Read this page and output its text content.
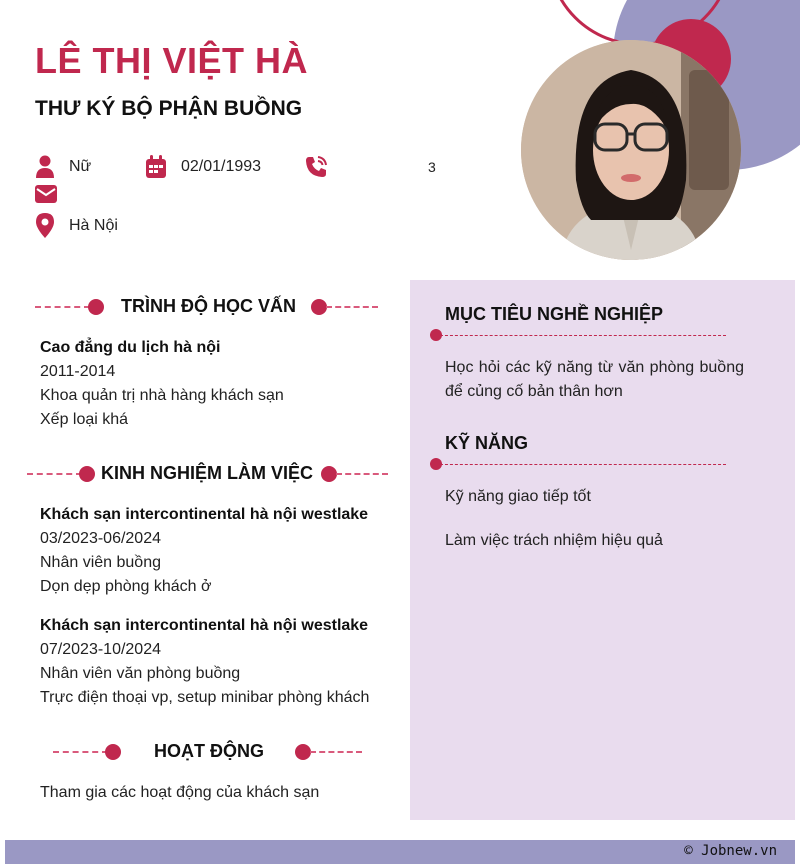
LÊ THỊ VIỆT HÀ
THƯ KÝ BỘ PHẬN BUỒNG
Nữ	02/01/1993	3
Hà Nội
TRÌNH ĐỘ HỌC VẤN
Cao đẳng du lịch hà nội
2011-2014
Khoa quản trị nhà hàng khách sạn
Xếp loại khá
KINH NGHIỆM LÀM VIỆC
Khách sạn intercontinental hà nội westlake
03/2023-06/2024
Nhân viên buồng
Dọn dẹp phòng khách ở
Khách sạn intercontinental hà nội westlake
07/2023-10/2024
Nhân viên văn phòng buồng
Trực điện thoại vp, setup minibar phòng khách
HOẠT ĐỘNG
Tham gia các hoạt động của khách sạn
MỤC TIÊU NGHỀ NGHIỆP
Học hỏi các kỹ năng từ văn phòng buồng để củng cố bản thân hơn
KỸ NĂNG
Kỹ năng giao tiếp tốt
Làm việc trách nhiệm hiệu quả
© Jobnew.vn
